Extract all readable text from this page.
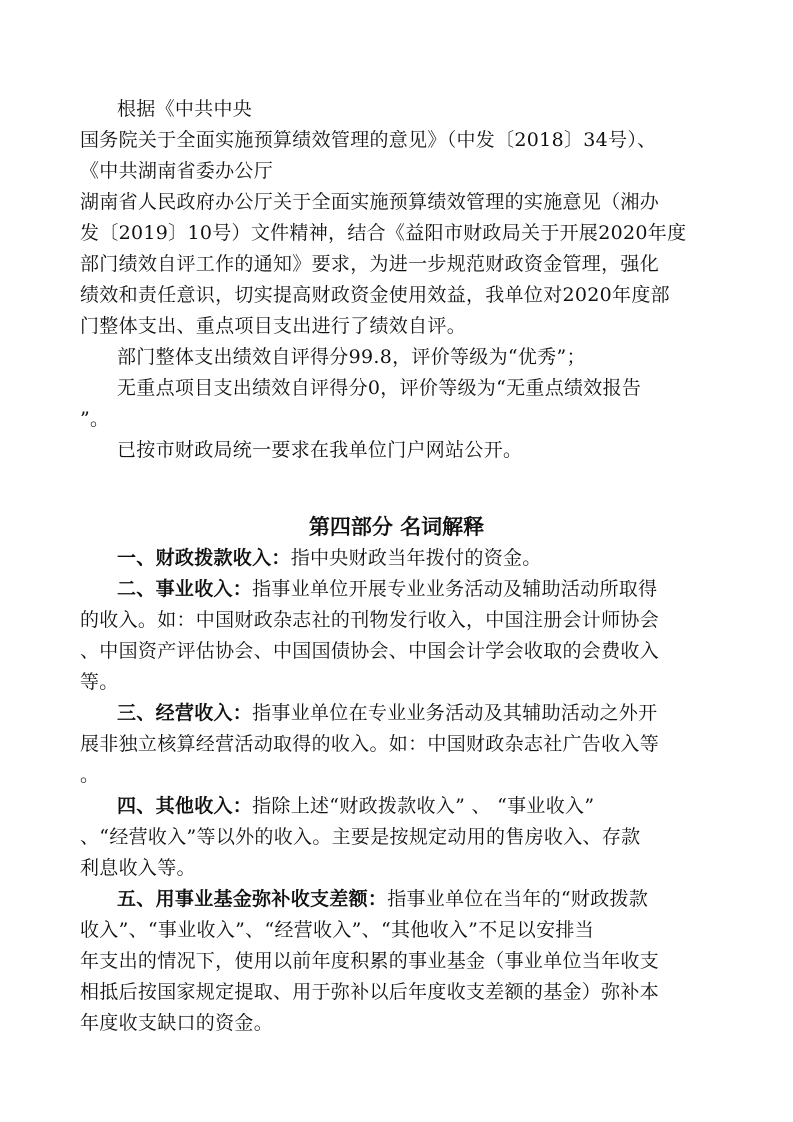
根据《中共中央
国务院关于全面实施预算绩效管理的意见》（中发〔2018〕34号）、
《中共湖南省委办公厅
湖南省人民政府办公厅关于全面实施预算绩效管理的实施意见（湘办
发〔2019〕10号）文件精神，结合《益阳市财政局关于开展2020年度
部门绩效自评工作的通知》要求，为进一步规范财政资金管理，强化
绩效和责任意识，切实提高财政资金使用效益，我单位对2020年度部
门整体支出、重点项目支出进行了绩效自评。
部门整体支出绩效自评得分99.8，评价等级为“优秀”；
无重点项目支出绩效自评得分0，评价等级为“无重点绩效报告
”。
已按市财政局统一要求在我单位门户网站公开。
第四部分 名词解释
一、财政拨款收入：指中央财政当年拨付的资金。
二、事业收入：指事业单位开展专业业务活动及辅助活动所取得
的收入。如：中国财政杂志社的刊物发行收入，中国注册会计师协会
、中国资产评估协会、中国国债协会、中国会计学会收取的会费收入
等。
三、经营收入：指事业单位在专业业务活动及其辅助活动之外开
展非独立核算经营活动取得的收入。如：中国财政杂志社广告收入等
。
四、其他收入：指除上述“财政拨款收入” 、 “事业收入”
、“经营收入”等以外的收入。主要是按规定动用的售房收入、存款
利息收入等。
五、用事业基金弥补收支差额：指事业单位在当年的“财政拨款
收入”、“事业收入”、“经营收入”、“其他收入”不足以安排当
年支出的情况下，使用以前年度积累的事业基金（事业单位当年收支
相抵后按国家规定提取、用于弥补以后年度收支差额的基金）弥补本
年度收支缺口的资金。
